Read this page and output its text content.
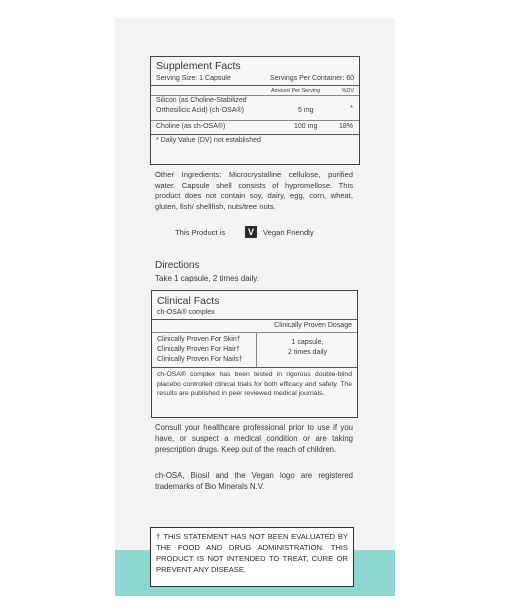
Supplement Facts
Serving Size: 1 Capsule	Servings Per Container: 60
Amount Per Serving	%DV
Silicon (as Choline-Stabilized
Orthosilicic Acid) (ch-OSA®)	5 mg	*
Choline (as ch-OSA®)	100 mg	18%
* Daily Value (DV) not established
Other Ingredients: Microcrystalline cellulose, purified water. Capsule shell consists of hypromellose. This product does not contain soy, dairy, egg, corn, wheat, gluten, fish/ shellfish, nuts/tree nuts.
This Product is	V	Vegan Friendly
Directions
Take 1 capsule, 2 times daily.
Clinical Facts
ch-OSA® complex
Clinically Proven Dosage
Clinically Proven For Skin†
Clinically Proven For Hair†
Clinically Proven For Nails†
1 capsule,
2 times daily
ch-OSA® complex has been tested in rigorous double-blind placebo controlled clinical trials for both efficacy and safety. The results are published in peer reviewed medical journals.
Consult your healthcare professional prior to use if you have, or suspect a medical condition or are taking prescription drugs. Keep out of the reach of children.
ch-OSA, Biosil and the Vegan logo are registered trademarks of Bio Minerals N.V.
† THIS STATEMENT HAS NOT BEEN EVALUATED BY THE FOOD AND DRUG ADMINISTRATION. THIS PRODUCT IS NOT INTENDED TO TREAT, CURE OR PREVENT ANY DISEASE.
